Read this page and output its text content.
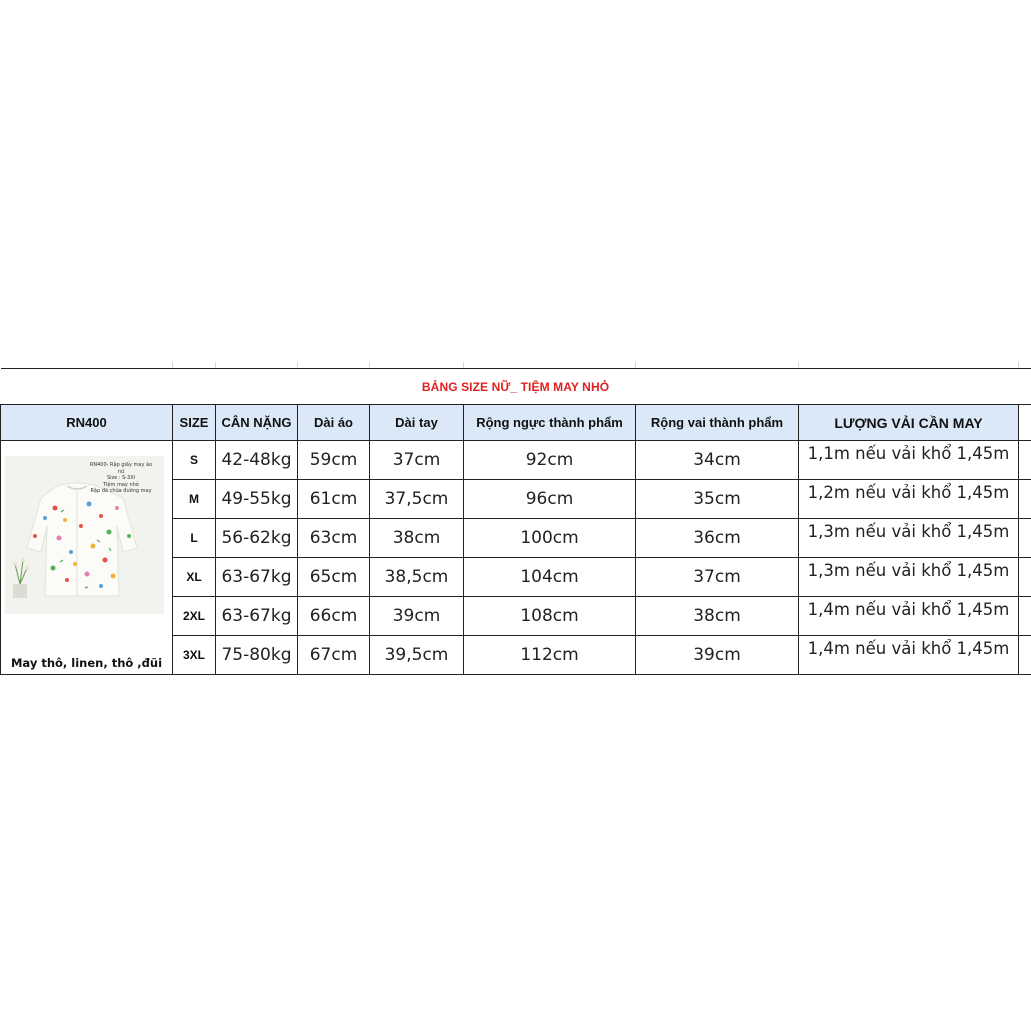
BẢNG SIZE NỮ_ TIỆM MAY NHỎ								
RN400	SIZE	CÂN NẶNG	Dài áo	Dài tay	Rộng ngực thành phẩm	Rộng vai thành phẩm	LƯỢNG VẢI CẦN MAY	

RN400- Rập giấy may áo nữ
Size : S-3Xl
Tiệm may nhỏ
Rập đã chừa đường may
May thô, linen, thô ,đũi	S	42-48kg	59cm	37cm	92cm	34cm	1,1m nếu vải khổ 1,45m	
	M	49-55kg	61cm	37,5cm	96cm	35cm	1,2m nếu vải khổ 1,45m	
	L	56-62kg	63cm	38cm	100cm	36cm	1,3m nếu vải khổ 1,45m	
	XL	63-67kg	65cm	38,5cm	104cm	37cm	1,3m nếu vải khổ 1,45m	
	2XL	63-67kg	66cm	39cm	108cm	38cm	1,4m nếu vải khổ 1,45m	
	3XL	75-80kg	67cm	39,5cm	112cm	39cm	1,4m nếu vải khổ 1,45m	
